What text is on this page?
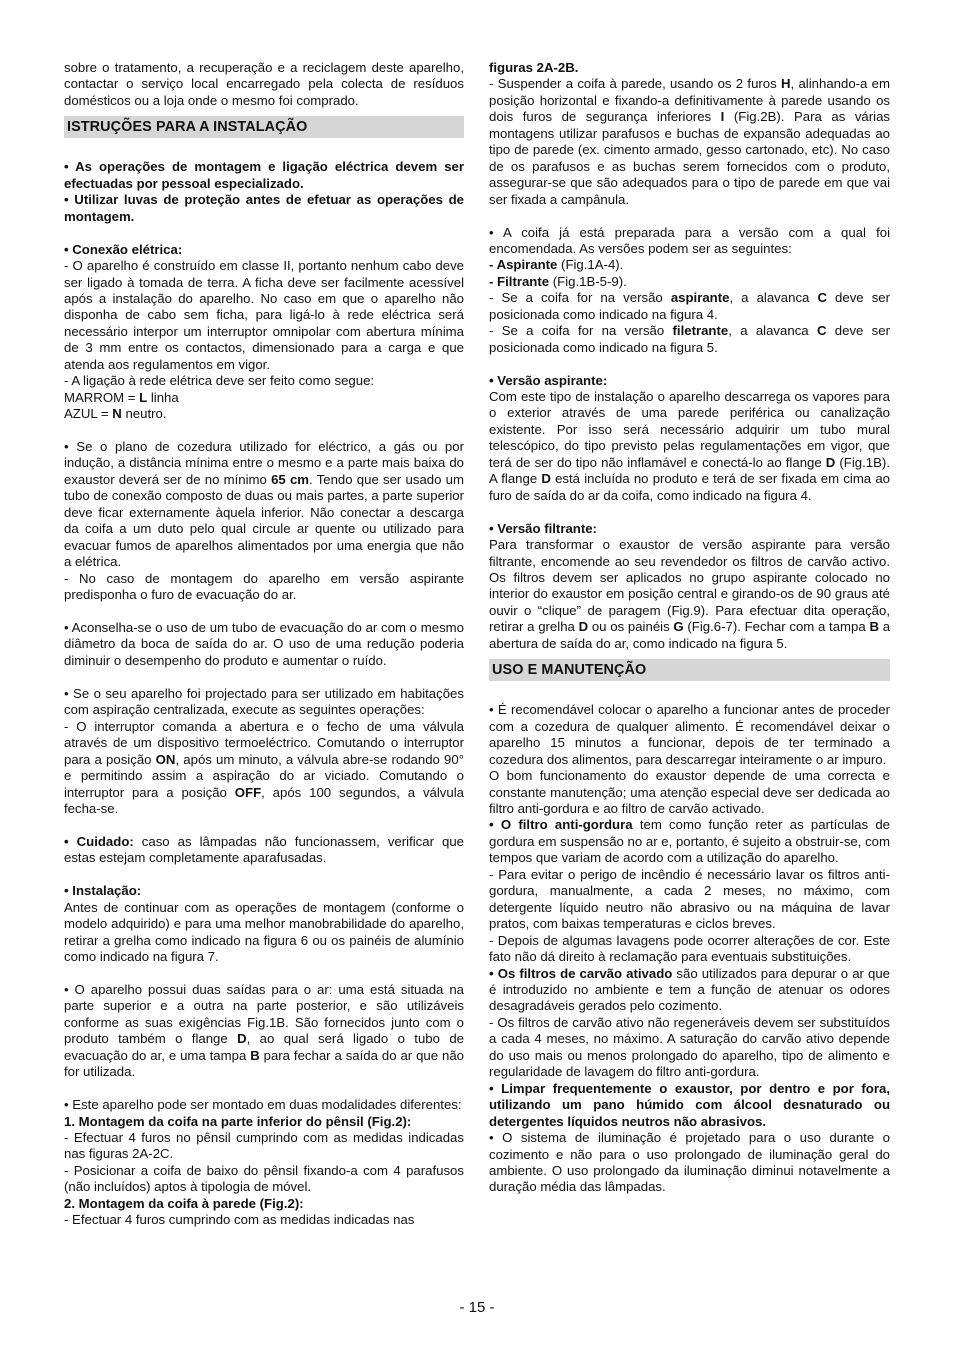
sobre o tratamento, a recuperação e a reciclagem deste aparelho, contactar o serviço local encarregado pela colecta de resíduos domésticos ou a loja onde o mesmo foi comprado.

ISTRUÇÕES PARA A INSTALAÇÃO

• As operações de montagem e ligação eléctrica devem ser efectuadas por pessoal especializado.

• Utilizar luvas de proteção antes de efetuar as operações de montagem.

• Conexão elétrica:

- O aparelho é construído em classe II, portanto nenhum cabo deve ser ligado à tomada de terra. A ficha deve ser facilmente acessível após a instalação do aparelho. No caso em que o aparelho não disponha de cabo sem ficha, para ligá-lo à rede eléctrica será necessário interpor um interruptor omnipolar com abertura mínima de 3 mm entre os contactos, dimensionado para a carga e que atenda aos regulamentos em vigor.

- A ligação à rede elétrica deve ser feito como segue:

MARROM = L linha

AZUL = N neutro.

• Se o plano de cozedura utilizado for eléctrico, a gás ou por indução, a distância mínima entre o mesmo e a parte mais baixa do exaustor deverá ser de no mínimo 65 cm. Tendo que ser usado um tubo de conexão composto de duas ou mais partes, a parte superior deve ficar externamente àquela inferior. Não conectar a descarga da coifa a um duto pelo qual circule ar quente ou utilizado para evacuar fumos de aparelhos alimentados por uma energia que não a elétrica.

- No caso de montagem do aparelho em versão aspirante predisponha o furo de evacuação do ar.

• Aconselha-se o uso de um tubo de evacuação do ar com o mesmo diâmetro da boca de saída do ar. O uso de uma redução poderia diminuir o desempenho do produto e aumentar o ruído.

• Se o seu aparelho foi projectado para ser utilizado em habitações com aspiração centralizada, execute as seguintes operações:

- O interruptor comanda a abertura e o fecho de uma válvula através de um dispositivo termoeléctrico. Comutando o interruptor para a posição ON, após um minuto, a válvula abre-se rodando 90° e permitindo assim a aspiração do ar viciado. Comutando o interruptor para a posição OFF, após 100 segundos, a válvula fecha-se.

• Cuidado: caso as lâmpadas não funcionassem, verificar que estas estejam completamente aparafusadas.

• Instalação:

Antes de continuar com as operações de montagem (conforme o modelo adquirido) e para uma melhor manobrabilidade do aparelho, retirar a grelha como indicado na figura 6 ou os painéis de alumínio como indicado na figura 7.

• O aparelho possui duas saídas para o ar: uma está situada na parte superior e a outra na parte posterior, e são utilizáveis conforme as suas exigências Fig.1B. São fornecidos junto com o produto também o flange D, ao qual será ligado o tubo de evacuação do ar, e uma tampa B para fechar a saída do ar que não for utilizada.

• Este aparelho pode ser montado em duas modalidades diferentes:

1. Montagem da coifa na parte inferior do pênsil (Fig.2):

- Efectuar 4 furos no pênsil cumprindo com as medidas indicadas nas figuras 2A-2C.

- Posicionar a coifa de baixo do pênsil fixando-a com 4 parafusos (não incluídos) aptos à tipologia de móvel.

2. Montagem da coifa à parede (Fig.2):

- Efectuar 4 furos cumprindo com as medidas indicadas nas

figuras 2A-2B.

- Suspender a coifa à parede, usando os 2 furos H, alinhando-a em posição horizontal e fixando-a definitivamente à parede usando os dois furos de segurança inferiores I (Fig.2B). Para as várias montagens utilizar parafusos e buchas de expansão adequadas ao tipo de parede (ex. cimento armado, gesso cartonado, etc). No caso de os parafusos e as buchas serem fornecidos com o produto, assegurar-se que são adequados para o tipo de parede em que vai ser fixada a campânula.

• A coifa já está preparada para a versão com a qual foi encomendada. As versões podem ser as seguintes:

- Aspirante (Fig.1A-4).

- Filtrante (Fig.1B-5-9).

- Se a coifa for na versão aspirante, a alavanca C deve ser posicionada como indicado na figura 4.

- Se a coifa for na versão filetrante, a alavanca C deve ser posicionada como indicado na figura 5.

• Versão aspirante:

Com este tipo de instalação o aparelho descarrega os vapores para o exterior através de uma parede periférica ou canalização existente. Por isso será necessário adquirir um tubo mural telescópico, do tipo previsto pelas regulamentações em vigor, que terá de ser do tipo não inflamável e conectá-lo ao flange D (Fig.1B). A flange D está incluída no produto e terá de ser fixada em cima ao furo de saída do ar da coifa, como indicado na figura 4.

• Versão filtrante:

Para transformar o exaustor de versão aspirante para versão filtrante, encomende ao seu revendedor os filtros de carvão activo. Os filtros devem ser aplicados no grupo aspirante colocado no interior do exaustor em posição central e girando-os de 90 graus até ouvir o “clique” de paragem (Fig.9). Para efectuar dita operação, retirar a grelha D ou os painéis G (Fig.6-7). Fechar com a tampa B a abertura de saída do ar, como indicado na figura 5.

USO E MANUTENÇÃO

• É recomendável colocar o aparelho a funcionar antes de proceder com a cozedura de qualquer alimento. É recomendável deixar o aparelho 15 minutos a funcionar, depois de ter terminado a cozedura dos alimentos, para descarregar inteiramente o ar impuro.

O bom funcionamento do exaustor depende de uma correcta e constante manutenção; uma atenção especial deve ser dedicada ao filtro anti-gordura e ao filtro de carvão activado.

• O filtro anti-gordura tem como função reter as partículas de gordura em suspensão no ar e, portanto, é sujeito a obstruir-se, com tempos que variam de acordo com a utilização do aparelho.

- Para evitar o perigo de incêndio é necessário lavar os filtros anti-gordura, manualmente, a cada 2 meses, no máximo, com detergente líquido neutro não abrasivo ou na máquina de lavar pratos, com baixas temperaturas e ciclos breves.

- Depois de algumas lavagens pode ocorrer alterações de cor. Este fato não dá direito à reclamação para eventuais substituições.

• Os filtros de carvão ativado são utilizados para depurar o ar que é introduzido no ambiente e tem a função de atenuar os odores desagradáveis gerados pelo cozimento.

- Os filtros de carvão ativo não regeneráveis devem ser substituídos a cada 4 meses, no máximo. A saturação do carvão ativo depende do uso mais ou menos prolongado do aparelho, tipo de alimento e regularidade de lavagem do filtro anti-gordura.

• Limpar frequentemente o exaustor, por dentro e por fora, utilizando um pano húmido com álcool desnaturado ou detergentes líquidos neutros não abrasivos.

• O sistema de iluminação é projetado para o uso durante o cozimento e não para o uso prolongado de iluminação geral do ambiente. O uso prolongado da iluminação diminui notavelmente a duração média das lâmpadas.

- 15 -
